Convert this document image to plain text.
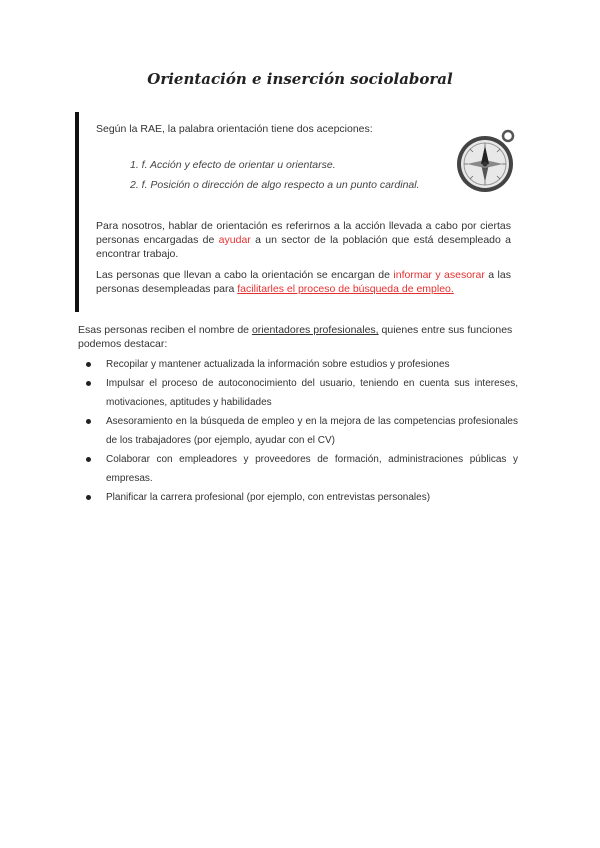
Orientación e inserción sociolaboral
Según la RAE, la palabra orientación tiene dos acepciones:
1. f. Acción y efecto de orientar u orientarse.
2. f. Posición o dirección de algo respecto a un punto cardinal.
Para nosotros, hablar de orientación es referirnos a la acción llevada a cabo por ciertas personas encargadas de ayudar a un sector de la población que está desempleado a encontrar trabajo.
Las personas que llevan a cabo la orientación se encargan de informar y asesorar a las personas desempleadas para facilitarles el proceso de búsqueda de empleo.
Esas personas reciben el nombre de orientadores profesionales, quienes entre sus funciones podemos destacar:
Recopilar y mantener actualizada la información sobre estudios y profesiones
Impulsar el proceso de autoconocimiento del usuario, teniendo en cuenta sus intereses, motivaciones, aptitudes y habilidades
Asesoramiento en la búsqueda de empleo y en la mejora de las competencias profesionales de los trabajadores (por ejemplo, ayudar con el CV)
Colaborar con empleadores y proveedores de formación, administraciones públicas y empresas.
Planificar la carrera profesional (por ejemplo, con entrevistas personales)
